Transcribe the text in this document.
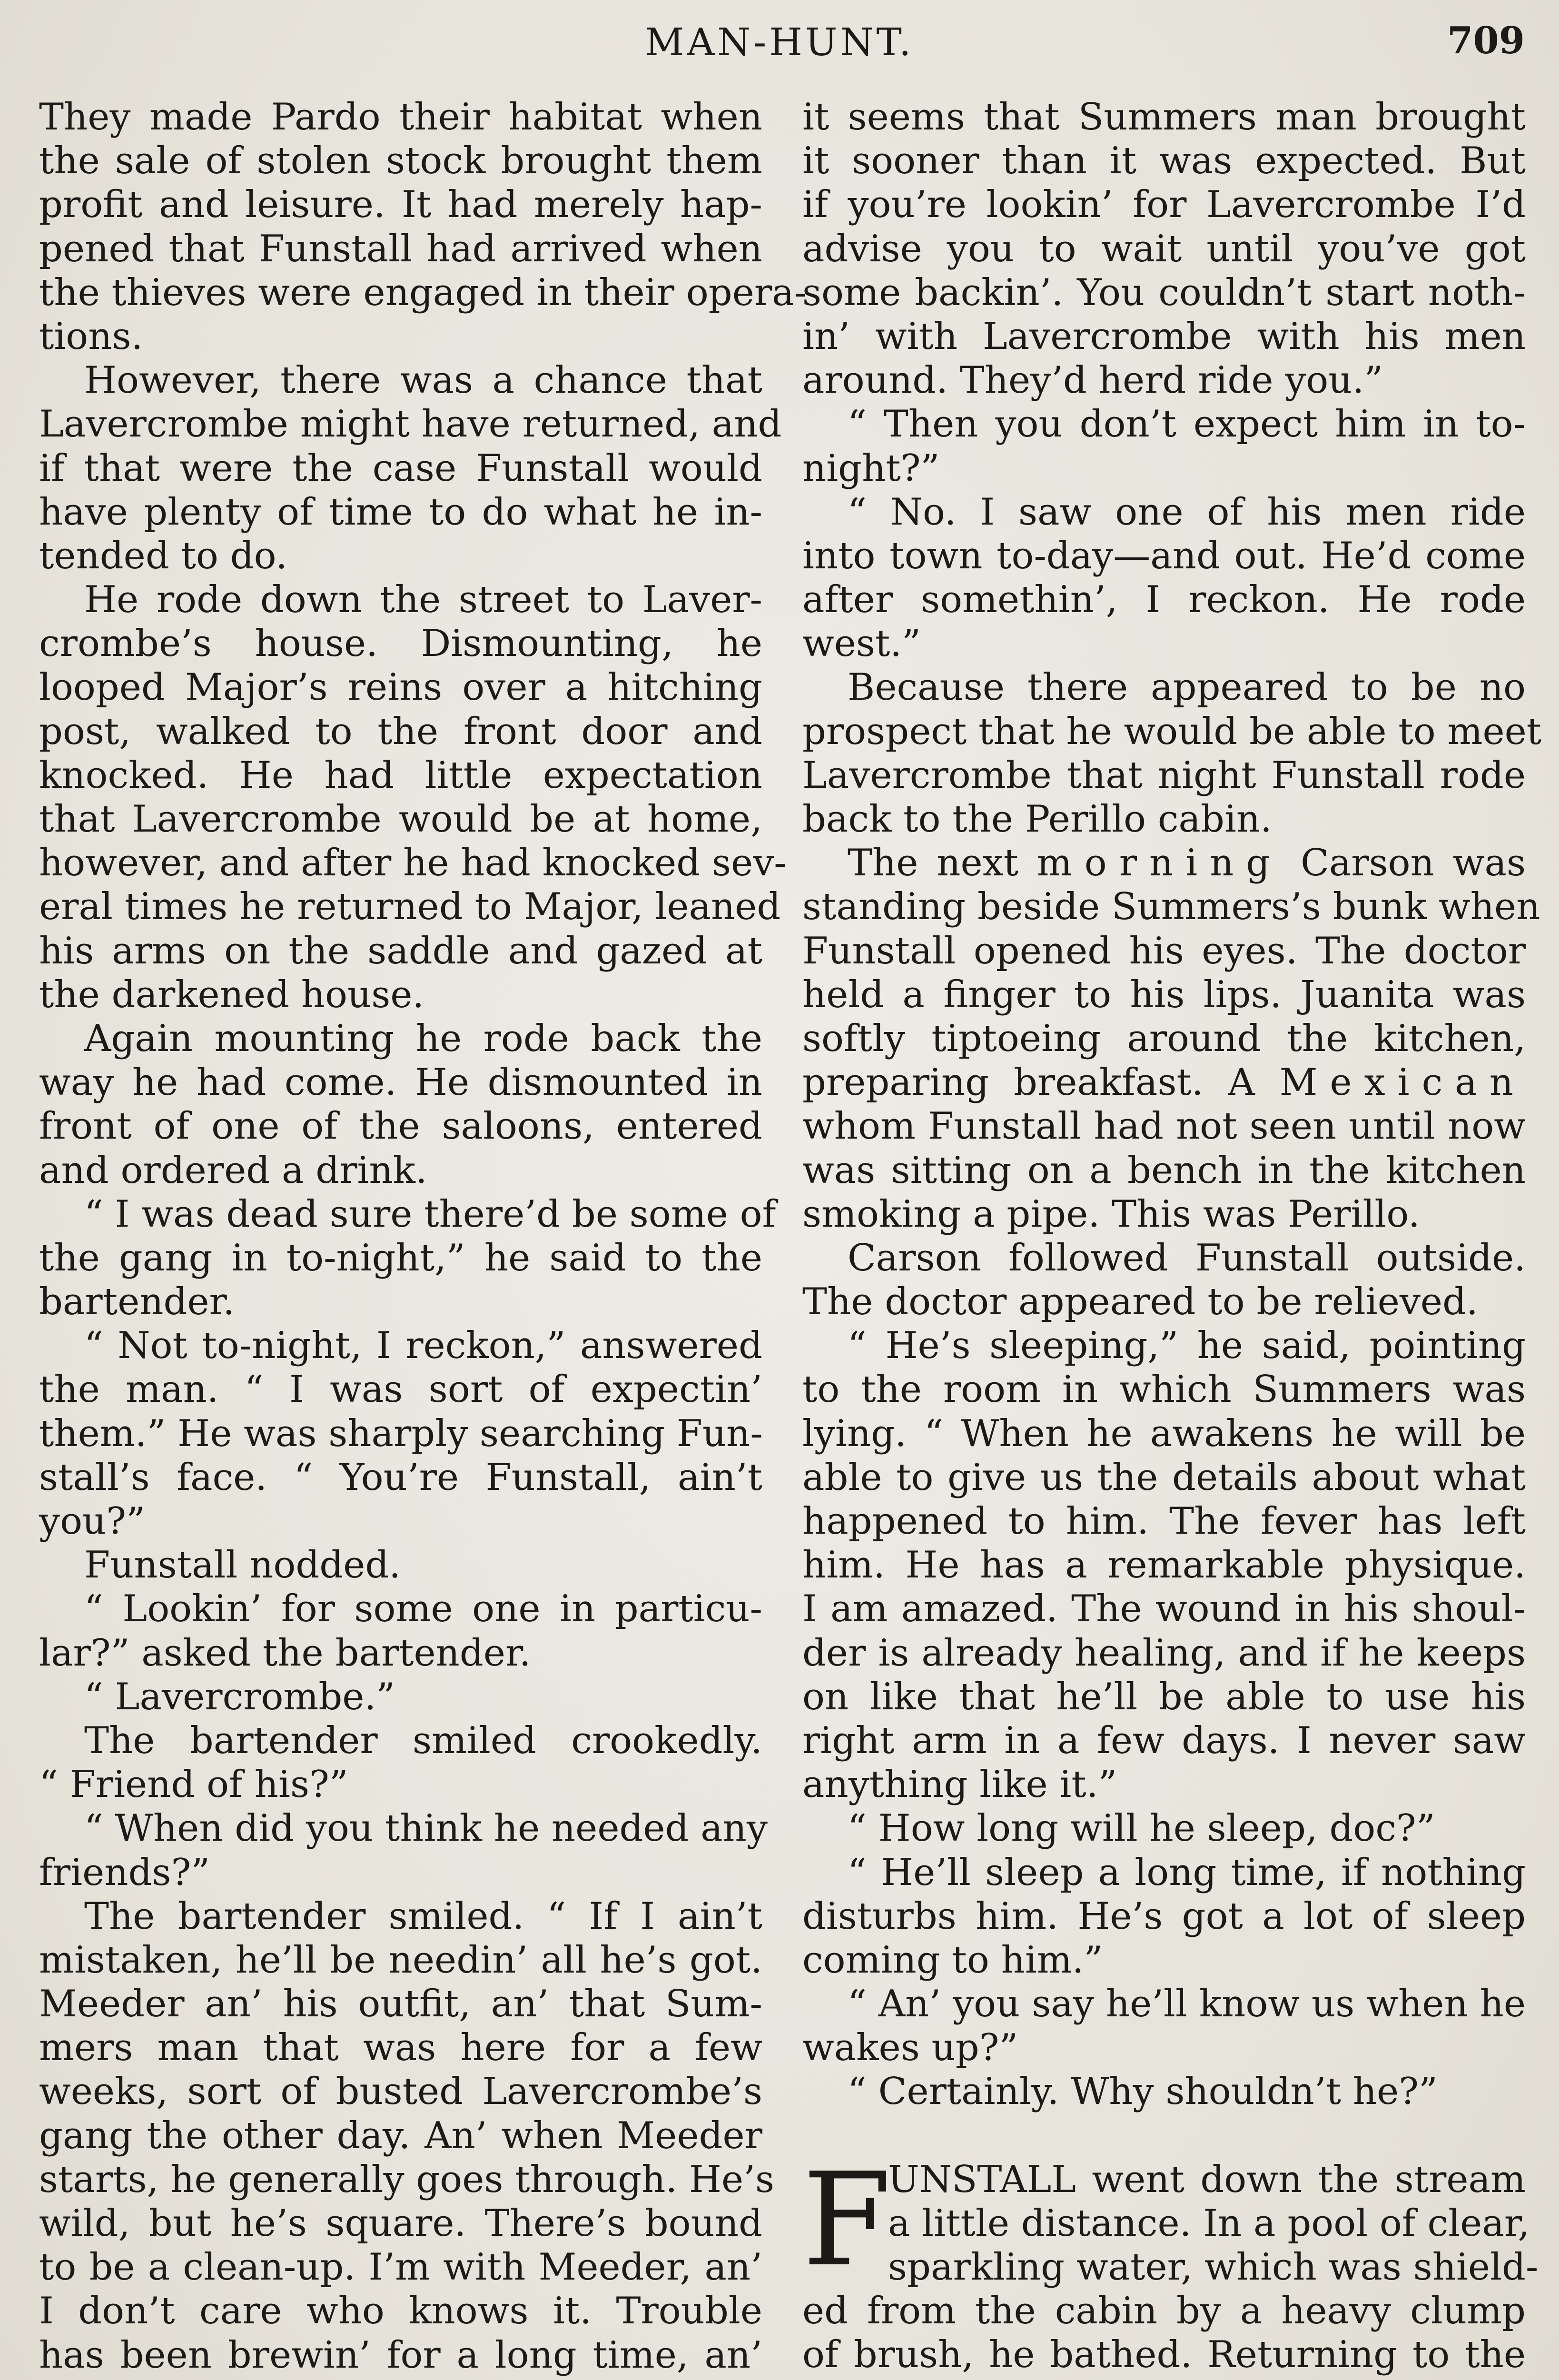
MAN-HUNT.	709
They made Pardo their habitat when
the sale of stolen stock brought them
profit and leisure. It had merely hap-
pened that Funstall had arrived when
the thieves were engaged in their opera-
tions.
However, there was a chance that
Lavercrombe might have returned, and
if that were the case Funstall would
have plenty of time to do what he in-
tended to do.
He rode down the street to Laver-
crombe’s house. Dismounting, he
looped Major’s reins over a hitching
post, walked to the front door and
knocked. He had little expectation
that Lavercrombe would be at home,
however, and after he had knocked sev-
eral times he returned to Major, leaned
his arms on the saddle and gazed at
the darkened house.
Again mounting he rode back the
way he had come. He dismounted in
front of one of the saloons, entered
and ordered a drink.
“ I was dead sure there’d be some of
the gang in to-night,” he said to the
bartender.
“ Not to-night, I reckon,” answered
the man. “ I was sort of expectin’
them.” He was sharply searching Fun-
stall’s face. “ You’re Funstall, ain’t
you?”
Funstall nodded.
“ Lookin’ for some one in particu-
lar?” asked the bartender.
“ Lavercrombe.”
The bartender smiled crookedly.
“ Friend of his?”
“ When did you think he needed any
friends?”
The bartender smiled. “ If I ain’t
mistaken, he’ll be needin’ all he’s got.
Meeder an’ his outfit, an’ that Sum-
mers man that was here for a few
weeks, sort of busted Lavercrombe’s
gang the other day. An’ when Meeder
starts, he generally goes through. He’s
wild, but he’s square. There’s bound
to be a clean-up. I’m with Meeder, an’
I don’t care who knows it. Trouble
has been brewin’ for a long time, an’
it seems that Summers man brought
it sooner than it was expected. But
if you’re lookin’ for Lavercrombe I’d
advise you to wait until you’ve got
some backin’. You couldn’t start noth-
in’ with Lavercrombe with his men
around. They’d herd ride you.”
“ Then you don’t expect him in to-
night?”
“ No. I saw one of his men ride
into town to-day—and out. He’d come
after somethin’, I reckon. He rode
west.”
Because there appeared to be no
prospect that he would be able to meet
Lavercrombe that night Funstall rode
back to the Perillo cabin.
The next morning Carson was
standing beside Summers’s bunk when
Funstall opened his eyes. The doctor
held a finger to his lips. Juanita was
softly tiptoeing around the kitchen,
preparing breakfast. A Mexican
whom Funstall had not seen until now
was sitting on a bench in the kitchen
smoking a pipe. This was Perillo.
Carson followed Funstall outside.
The doctor appeared to be relieved.
“ He’s sleeping,” he said, pointing
to the room in which Summers was
lying. “ When he awakens he will be
able to give us the details about what
happened to him. The fever has left
him. He has a remarkable physique.
I am amazed. The wound in his shoul-
der is already healing, and if he keeps
on like that he’ll be able to use his
right arm in a few days. I never saw
anything like it.”
“ How long will he sleep, doc?”
“ He’ll sleep a long time, if nothing
disturbs him. He’s got a lot of sleep
coming to him.”
“ An’ you say he’ll know us when he
wakes up?”
“ Certainly. Why shouldn’t he?”
F
UNSTALL went down the stream
a little distance. In a pool of clear,
sparkling water, which was shield-
ed from the cabin by a heavy clump
of brush, he bathed. Returning to the
